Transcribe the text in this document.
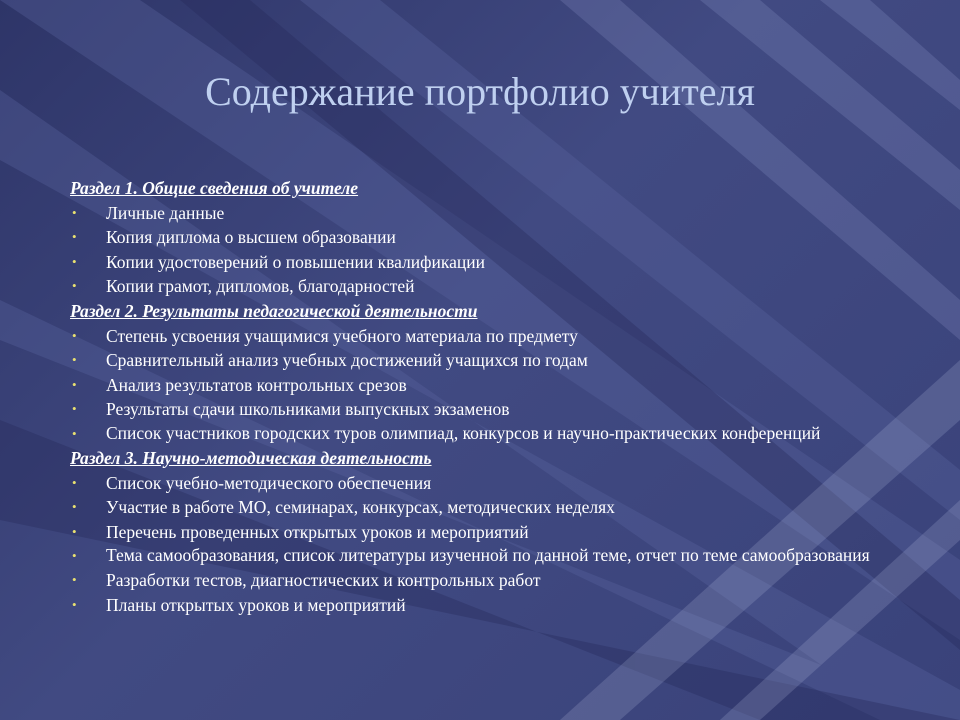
Содержание портфолио учителя

Раздел 1. Общие сведения об учителе

• Личные данные
• Копия диплома о высшем образовании
• Копии удостоверений о повышении квалификации
• Копии грамот, дипломов, благодарностей

Раздел 2. Результаты педагогической деятельности

• Степень усвоения учащимися учебного материала по предмету
• Сравнительный анализ учебных достижений учащихся по годам
• Анализ результатов контрольных срезов
• Результаты сдачи школьниками выпускных экзаменов
• Список участников городских туров олимпиад, конкурсов и научно-практических конференций

Раздел 3. Научно-методическая деятельность

• Список учебно-методического обеспечения
• Участие в работе МО, семинарах, конкурсах, методических неделях
• Перечень проведенных открытых уроков и мероприятий
• Тема самообразования, список литературы изученной по данной теме, отчет по теме самообразования
• Разработки тестов, диагностических и контрольных работ
• Планы открытых уроков и мероприятий
